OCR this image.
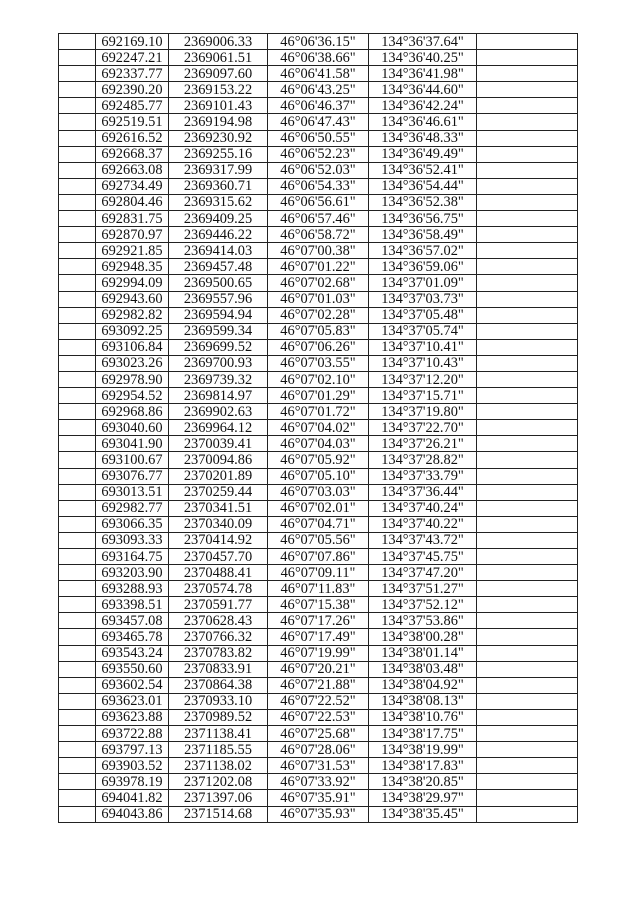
	692169.10	2369006.33	46°06'36.15"	134°36'37.64"	
	692247.21	2369061.51	46°06'38.66"	134°36'40.25"	
	692337.77	2369097.60	46°06'41.58"	134°36'41.98"	
	692390.20	2369153.22	46°06'43.25"	134°36'44.60"	
	692485.77	2369101.43	46°06'46.37"	134°36'42.24"	
	692519.51	2369194.98	46°06'47.43"	134°36'46.61"	
	692616.52	2369230.92	46°06'50.55"	134°36'48.33"	
	692668.37	2369255.16	46°06'52.23"	134°36'49.49"	
	692663.08	2369317.99	46°06'52.03"	134°36'52.41"	
	692734.49	2369360.71	46°06'54.33"	134°36'54.44"	
	692804.46	2369315.62	46°06'56.61"	134°36'52.38"	
	692831.75	2369409.25	46°06'57.46"	134°36'56.75"	
	692870.97	2369446.22	46°06'58.72"	134°36'58.49"	
	692921.85	2369414.03	46°07'00.38"	134°36'57.02"	
	692948.35	2369457.48	46°07'01.22"	134°36'59.06"	
	692994.09	2369500.65	46°07'02.68"	134°37'01.09"	
	692943.60	2369557.96	46°07'01.03"	134°37'03.73"	
	692982.82	2369594.94	46°07'02.28"	134°37'05.48"	
	693092.25	2369599.34	46°07'05.83"	134°37'05.74"	
	693106.84	2369699.52	46°07'06.26"	134°37'10.41"	
	693023.26	2369700.93	46°07'03.55"	134°37'10.43"	
	692978.90	2369739.32	46°07'02.10"	134°37'12.20"	
	692954.52	2369814.97	46°07'01.29"	134°37'15.71"	
	692968.86	2369902.63	46°07'01.72"	134°37'19.80"	
	693040.60	2369964.12	46°07'04.02"	134°37'22.70"	
	693041.90	2370039.41	46°07'04.03"	134°37'26.21"	
	693100.67	2370094.86	46°07'05.92"	134°37'28.82"	
	693076.77	2370201.89	46°07'05.10"	134°37'33.79"	
	693013.51	2370259.44	46°07'03.03"	134°37'36.44"	
	692982.77	2370341.51	46°07'02.01"	134°37'40.24"	
	693066.35	2370340.09	46°07'04.71"	134°37'40.22"	
	693093.33	2370414.92	46°07'05.56"	134°37'43.72"	
	693164.75	2370457.70	46°07'07.86"	134°37'45.75"	
	693203.90	2370488.41	46°07'09.11"	134°37'47.20"	
	693288.93	2370574.78	46°07'11.83"	134°37'51.27"	
	693398.51	2370591.77	46°07'15.38"	134°37'52.12"	
	693457.08	2370628.43	46°07'17.26"	134°37'53.86"	
	693465.78	2370766.32	46°07'17.49"	134°38'00.28"	
	693543.24	2370783.82	46°07'19.99"	134°38'01.14"	
	693550.60	2370833.91	46°07'20.21"	134°38'03.48"	
	693602.54	2370864.38	46°07'21.88"	134°38'04.92"	
	693623.01	2370933.10	46°07'22.52"	134°38'08.13"	
	693623.88	2370989.52	46°07'22.53"	134°38'10.76"	
	693722.88	2371138.41	46°07'25.68"	134°38'17.75"	
	693797.13	2371185.55	46°07'28.06"	134°38'19.99"	
	693903.52	2371138.02	46°07'31.53"	134°38'17.83"	
	693978.19	2371202.08	46°07'33.92"	134°38'20.85"	
	694041.82	2371397.06	46°07'35.91"	134°38'29.97"	
	694043.86	2371514.68	46°07'35.93"	134°38'35.45"	
